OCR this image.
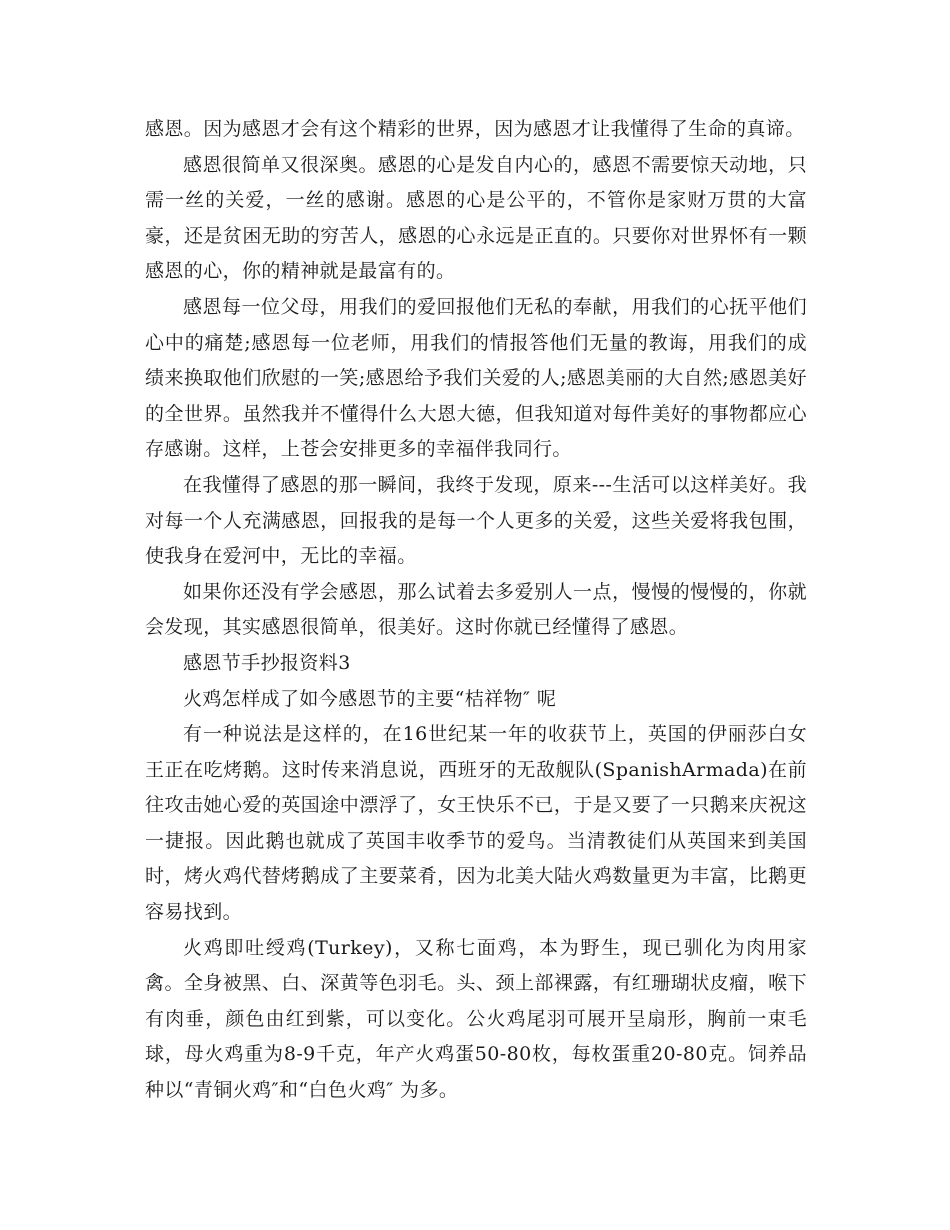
感恩。因为感恩才会有这个精彩的世界，因为感恩才让我懂得了生命的真谛。

感恩很简单又很深奥。感恩的心是发自内心的，感恩不需要惊天动地，只需一丝的关爱，一丝的感谢。感恩的心是公平的，不管你是家财万贯的大富豪，还是贫困无助的穷苦人，感恩的心永远是正直的。只要你对世界怀有一颗感恩的心，你的精神就是最富有的。

感恩每一位父母，用我们的爱回报他们无私的奉献，用我们的心抚平他们心中的痛楚;感恩每一位老师，用我们的情报答他们无量的教诲，用我们的成绩来换取他们欣慰的一笑;感恩给予我们关爱的人;感恩美丽的大自然;感恩美好的全世界。虽然我并不懂得什么大恩大德，但我知道对每件美好的事物都应心存感谢。这样，上苍会安排更多的幸福伴我同行。

在我懂得了感恩的那一瞬间，我终于发现，原来---生活可以这样美好。我对每一个人充满感恩，回报我的是每一个人更多的关爱，这些关爱将我包围，使我身在爱河中，无比的幸福。

如果你还没有学会感恩，那么试着去多爱别人一点，慢慢的慢慢的，你就会发现，其实感恩很简单，很美好。这时你就已经懂得了感恩。

感恩节手抄报资料3

火鸡怎样成了如今感恩节的主要“桔祥物″ 呢

有一种说法是这样的，在16世纪某一年的收获节上，英国的伊丽莎白女王正在吃烤鹅。这时传来消息说，西班牙的无敌舰队(SpanishArmada)在前往攻击她心爱的英国途中漂浮了，女王快乐不已，于是又要了一只鹅来庆祝这一捷报。因此鹅也就成了英国丰收季节的爱鸟。当清教徒们从英国来到美国时，烤火鸡代替烤鹅成了主要菜肴，因为北美大陆火鸡数量更为丰富，比鹅更容易找到。

火鸡即吐绶鸡(Turkey)，又称七面鸡，本为野生，现已驯化为肉用家禽。全身被黑、白、深黄等色羽毛。头、颈上部裸露，有红珊瑚状皮瘤，喉下有肉垂，颜色由红到紫，可以变化。公火鸡尾羽可展开呈扇形，胸前一束毛球，母火鸡重为8-9千克，年产火鸡蛋50-80枚，每枚蛋重20-80克。饲养品种以“青铜火鸡″和“白色火鸡″ 为多。
